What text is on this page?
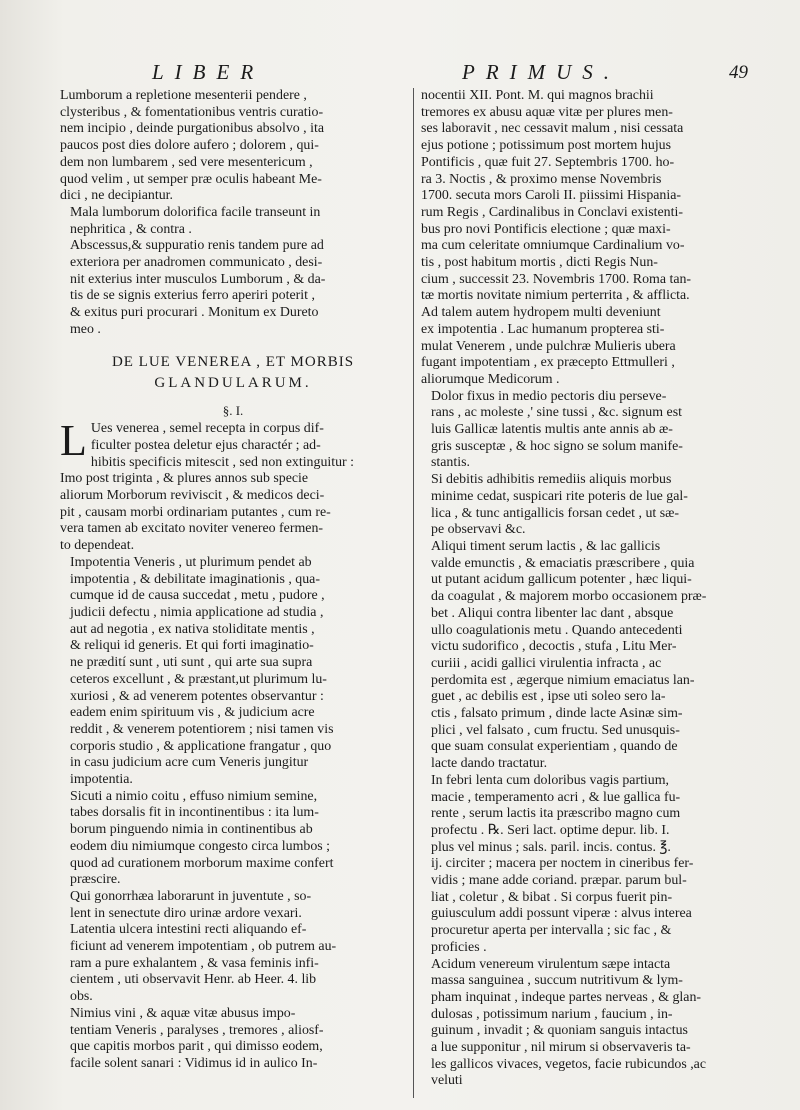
LIBER	PRIMUS.	49

Lumborum a repletione mesenterii pendere ,
clysteribus , & fomentationibus ventris curatio-
nem incipio , deinde purgationibus absolvo , ita
paucos post dies dolore aufero ; dolorem , qui-
dem non lumbarem , sed vere mesentericum ,
quod velim , ut semper præ oculis habeant Me-
dici , ne decipiantur.

Mala lumborum dolorifica facile transeunt in
nephritica , & contra .

Abscessus,& suppuratio renis tandem pure ad
exteriora per anadromen communicato , desi-
nit exterius inter musculos Lumborum , & da-
tis de se signis exterius ferro aperiri poterit ,
& exitus puri procurari . Monitum ex Dureto
meo .

DE LUE VENEREA , ET MORBIS
GLANDULARUM.
§. I.
L Ues venerea , semel recepta in corpus dif-
ficulter postea deletur ejus charactér ; ad-

hibitis specificis mitescit , sed non extinguitur :
Imo post triginta , & plures annos sub specie
aliorum Morborum reviviscit , & medicos deci-
pit , causam morbi ordinariam putantes , cum re-
vera tamen ab excitato noviter venereo fermen-
to dependeat.

Impotentia Veneris , ut plurimum pendet ab
impotentia , & debilitate imaginationis , qua-
cumque id de causa succedat , metu , pudore ,
judicii defectu , nimia applicatione ad studia ,
aut ad negotia , ex nativa stoliditate mentis ,
& reliqui id generis. Et qui forti imaginatio-
ne prædití sunt , uti sunt , qui arte sua supra
ceteros excellunt , & præstant,ut plurimum lu-
xuriosi , & ad venerem potentes observantur :
eadem enim spirituum vis , & judicium acre
reddit , & venerem potentiorem ; nisi tamen vis
corporis studio , & applicatione frangatur , quo
in casu judicium acre cum Veneris jungitur
impotentia.

Sicuti a nimio coitu , effuso nimium semine,
tabes dorsalis fit in incontinentibus : ita lum-
borum pinguendo nimia in continentibus ab
eodem diu nimiumque congesto circa lumbos ;
quod ad curationem morborum maxime confert
præscire.

Qui gonorrhæa laborarunt in juventute , so-
lent in senectute diro urinæ ardore vexari.

Latentia ulcera intestini recti aliquando ef-
ficiunt ad venerem impotentiam , ob putrem au-
ram a pure exhalantem , & vasa feminis infi-
cientem , uti observavit Henr. ab Heer. 4. lib
obs.

Nimius vini , & aquæ vitæ abusus impo-
tentiam Veneris , paralyses , tremores , aliosf-
que capitis morbos parit , qui dimisso eodem,
facile solent sanari : Vidimus id in aulico In-

nocentii XII. Pont. M. qui magnos brachii
tremores ex abusu aquæ vitæ per plures men-
ses laboravit , nec cessavit malum , nisi cessata
ejus potione ; potissimum post mortem hujus
Pontificis , quæ fuit 27. Septembris 1700. ho-
ra 3. Noctis , & proximo mense Novembris
1700. secuta mors Caroli II. piissimi Hispania-
rum Regis , Cardinalibus in Conclavi existenti-
bus pro novi Pontificis electione ; quæ maxi-
ma cum celeritate omniumque Cardinalium vo-
tis , post habitum mortis , dicti Regis Nun-
cium , successit 23. Novembris 1700. Roma tan-
tæ mortis novitate nimium perterrita , & afflicta.
Ad talem autem hydropem multi deveniunt
ex impotentia . Lac humanum propterea sti-
mulat Venerem , unde pulchræ Mulieris ubera
fugant impotentiam , ex præcepto Ettmulleri ,
aliorumque Medicorum .

Dolor fixus in medio pectoris diu perseve-
rans , ac moleste ,' sine tussi , &c. signum est
luis Gallicæ latentis multis ante annis ab æ-
gris susceptæ , & hoc signo se solum manife-
stantis.

Si debitis adhibitis remediis aliquis morbus
minime cedat, suspicari rite poteris de lue gal-
lica , & tunc antigallicis forsan cedet , ut sæ-
pe observavi &c.

Aliqui timent serum lactis , & lac gallicis
valde emunctis , & emaciatis præscribere , quia
ut putant acidum gallicum potenter , hæc liqui-
da coagulat , & majorem morbo occasionem præ-
bet . Aliqui contra libenter lac dant , absque
ullo coagulationis metu . Quando antecedenti
victu sudorifico , decoctis , stufa , Litu Mer-
curiii , acidi gallici virulentia infracta , ac
perdomita est , ægerque nimium emaciatus lan-
guet , ac debilis est , ipse uti soleo sero la-
ctis , falsato primum , dinde lacte Asinæ sim-
plici , vel falsato , cum fructu. Sed unusquis-
que suam consulat experientiam , quando de
lacte dando tractatur.

In febri lenta cum doloribus vagis partium,
macie , temperamento acri , & lue gallica fu-
rente , serum lactis ita præscribo magno cum
profectu . ℞. Seri lact. optime depur. lib. I.
plus vel minus ; sals. paril. incis. contus. ℥.
ij. circiter ; macera per noctem in cineribus fer-
vidis ; mane adde coriand. præpar. parum bul-
liat , coletur , & bibat . Si corpus fuerit pin-
guiusculum addi possunt viperæ : alvus interea
procuretur aperta per intervalla ; sic fac , &
proficies .

Acidum venereum virulentum sæpe intacta
massa sanguinea , succum nutritivum & lym-
pham inquinat , indeque partes nerveas , & glan-
dulosas , potissimum narium , faucium , in-
guinum , invadit ; & quoniam sanguis intactus
a lue supponitur , nil mirum si observaveris ta-
les gallicos vivaces, vegetos, facie rubicundos ,ac
veluti
